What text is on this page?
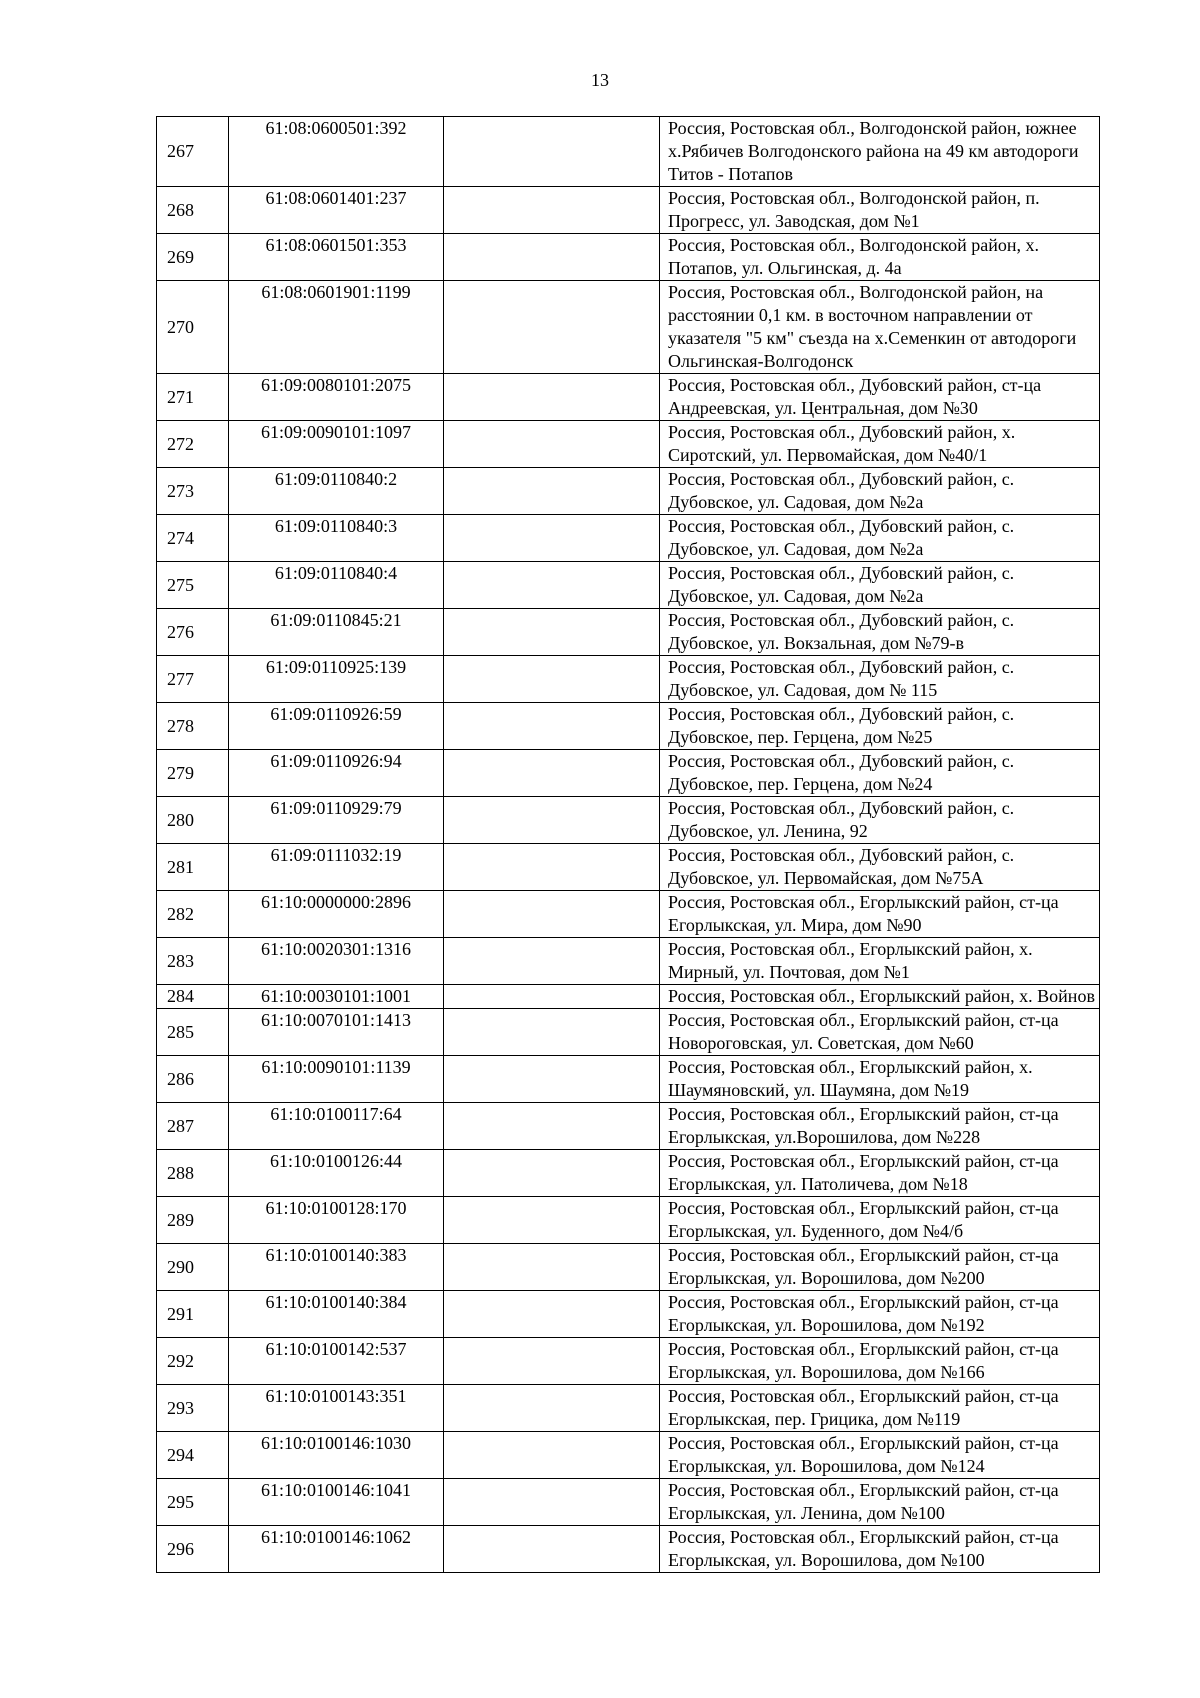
13
267	61:08:0600501:392		Россия, Ростовская обл., Волгодонской район, южнее х.Рябичев Волгодонского района на 49 км автодороги Титов - Потапов
268	61:08:0601401:237		Россия, Ростовская обл., Волгодонской район, п. Прогресс, ул. Заводская, дом №1
269	61:08:0601501:353		Россия, Ростовская обл., Волгодонской район, х. Потапов, ул. Ольгинская, д. 4а
270	61:08:0601901:1199		Россия, Ростовская обл., Волгодонской район, на расстоянии 0,1 км. в восточном направлении от указателя "5 км" съезда на х.Семенкин от автодороги Ольгинская-Волгодонск
271	61:09:0080101:2075		Россия, Ростовская обл., Дубовский район, ст-ца Андреевская, ул. Центральная, дом №30
272	61:09:0090101:1097		Россия, Ростовская обл., Дубовский район, х. Сиротский, ул. Первомайская, дом №40/1
273	61:09:0110840:2		Россия, Ростовская обл., Дубовский район, с. Дубовское, ул. Садовая, дом №2а
274	61:09:0110840:3		Россия, Ростовская обл., Дубовский район, с. Дубовское, ул. Садовая, дом №2а
275	61:09:0110840:4		Россия, Ростовская обл., Дубовский район, с. Дубовское, ул. Садовая, дом №2а
276	61:09:0110845:21		Россия, Ростовская обл., Дубовский район, с. Дубовское, ул. Вокзальная, дом №79-в
277	61:09:0110925:139		Россия, Ростовская обл., Дубовский район, с. Дубовское, ул. Садовая, дом № 115
278	61:09:0110926:59		Россия, Ростовская обл., Дубовский район, с. Дубовское, пер. Герцена, дом №25
279	61:09:0110926:94		Россия, Ростовская обл., Дубовский район, с. Дубовское, пер. Герцена, дом №24
280	61:09:0110929:79		Россия, Ростовская обл., Дубовский район, с. Дубовское, ул. Ленина, 92
281	61:09:0111032:19		Россия, Ростовская обл., Дубовский район, с. Дубовское, ул. Первомайская, дом №75А
282	61:10:0000000:2896		Россия, Ростовская обл., Егорлыкский район, ст-ца Егорлыкская, ул. Мира, дом №90
283	61:10:0020301:1316		Россия, Ростовская обл., Егорлыкский район, х. Мирный, ул. Почтовая, дом №1
284	61:10:0030101:1001		Россия, Ростовская обл., Егорлыкский район, х. Войнов
285	61:10:0070101:1413		Россия, Ростовская обл., Егорлыкский район, ст-ца Новороговская, ул. Советская, дом №60
286	61:10:0090101:1139		Россия, Ростовская обл., Егорлыкский район, х. Шаумяновский, ул. Шаумяна, дом №19
287	61:10:0100117:64		Россия, Ростовская обл., Егорлыкский район, ст-ца Егорлыкская, ул.Ворошилова, дом №228
288	61:10:0100126:44		Россия, Ростовская обл., Егорлыкский район, ст-ца Егорлыкская, ул. Патоличева, дом №18
289	61:10:0100128:170		Россия, Ростовская обл., Егорлыкский район, ст-ца Егорлыкская, ул. Буденного, дом №4/б
290	61:10:0100140:383		Россия, Ростовская обл., Егорлыкский район, ст-ца Егорлыкская, ул. Ворошилова, дом №200
291	61:10:0100140:384		Россия, Ростовская обл., Егорлыкский район, ст-ца Егорлыкская, ул. Ворошилова, дом №192
292	61:10:0100142:537		Россия, Ростовская обл., Егорлыкский район, ст-ца Егорлыкская, ул. Ворошилова, дом №166
293	61:10:0100143:351		Россия, Ростовская обл., Егорлыкский район, ст-ца Егорлыкская, пер. Грицика, дом №119
294	61:10:0100146:1030		Россия, Ростовская обл., Егорлыкский район, ст-ца Егорлыкская, ул. Ворошилова, дом №124
295	61:10:0100146:1041		Россия, Ростовская обл., Егорлыкский район, ст-ца Егорлыкская, ул. Ленина, дом №100
296	61:10:0100146:1062		Россия, Ростовская обл., Егорлыкский район, ст-ца Егорлыкская, ул. Ворошилова, дом №100
